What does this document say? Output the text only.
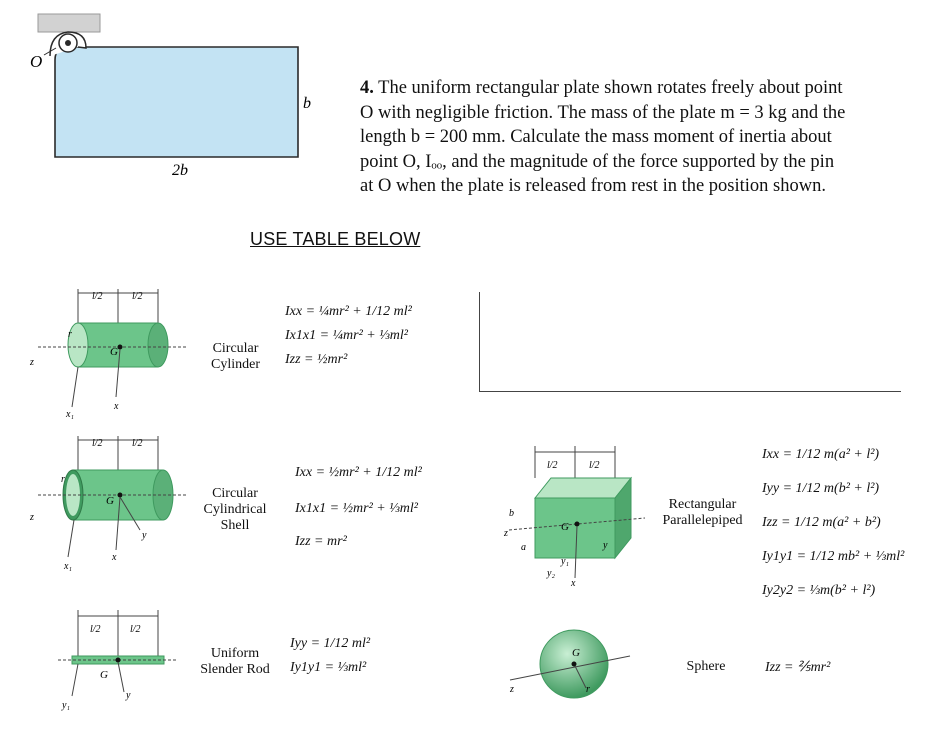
O
b
2b
4. The uniform rectangular plate shown rotates freely about point
O with negligible friction. The mass of the plate m = 3 kg and the
length b = 200 mm. Calculate the mass moment of inertia about
point O, Iₒₒ, and the magnitude of the force supported by the pin
at O when the plate is released from rest in the position shown.
USE TABLE BELOW
l/2	l/2
G
r
z
x₁
x
Circular
Cylinder
Ixx = ¼mr² + 1/12 ml²
Ix1x1 = ¼mr² + ⅓ml²
Izz = ½mr²
l/2	l/2
G
r
z
x₁
x
y
Circular
Cylindrical
Shell
Ixx = ½mr² + 1/12 ml²
Ix1x1 = ½mr² + ⅓ml²
Izz = mr²
l/2	l/2
G
y₁
y
Uniform
Slender Rod
Iyy = 1/12 ml²
Iy1y1 = ⅓ml²
l/2	l/2
G
b
a
z
y₁
y₂
x
y
Rectangular
Parallelepiped
Ixx = 1/12 m(a² + l²)
Iyy = 1/12 m(b² + l²)
Izz = 1/12 m(a² + b²)
Iy1y1 = 1/12 mb² + ⅓ml²
Iy2y2 = ⅓m(b² + l²)
G
r
z
Sphere	Izz = ⅖mr²
